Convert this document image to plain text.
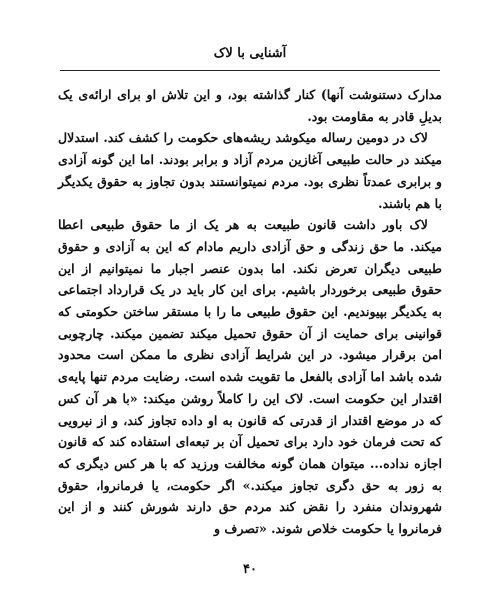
آشنایی با لاک

مدارک دستنوشت آنها) کنار گذاشته بود، و این تلاش او برای ارائه‌ی یک بدیلِ قادر به مقاومت بود.

لاک در دومین رساله میکوشد ریشه‌های حکومت را کشف کند. استدلال میکند در حالت طبیعی آغازین مردم آزاد و برابر بودند. اما این گونه آزادی و برابری عمدتاً نظری بود. مردم نمیتوانستند بدون تجاوز به حقوق یکدیگر با هم باشند.

لاک باور داشت قانون طبیعت به هر یک از ما حقوق طبیعی اعطا میکند. ما حق زندگی و حق آزادی داریم مادام که این به آزادی و حقوق طبیعی دیگران تعرض نکند. اما بدون عنصر اجبار ما نمیتوانیم از این حقوق طبیعی برخوردار باشیم. برای این کار باید در یک قرارداد اجتماعی به یکدیگر بپیوندیم. این حقوق طبیعی ما را با مستقر ساختن حکومتی که قوانینی برای حمایت از آن حقوق تحمیل میکند تضمین میکند. چارچوبی امن برقرار میشود. در این شرایط آزادی نظری ما ممکن است محدود شده باشد اما آزادی بالفعل ما تقویت شده است. رضایت مردم تنها پایه‌ی اقتدار این حکومت است. لاک این را کاملاً روشن میکند: «با هر آن کس که در موضع اقتدار از قدرتی که قانون به او داده تجاوز کند، و از نیرویی که تحت فرمان خود دارد برای تحمیل آن بر تبعه‌ای استفاده کند که قانون اجازه نداده... میتوان همان گونه مخالفت ورزید که با هر کس دیگری که به زور به حق دگری تجاوز میکند.» اگر حکومت، یا فرمانروا، حقوق شهروندان منفرد را نقض کند مردم حق دارند شورش کنند و از این فرمانروا یا حکومت خلاص شوند. «تصرف و

۴۰
